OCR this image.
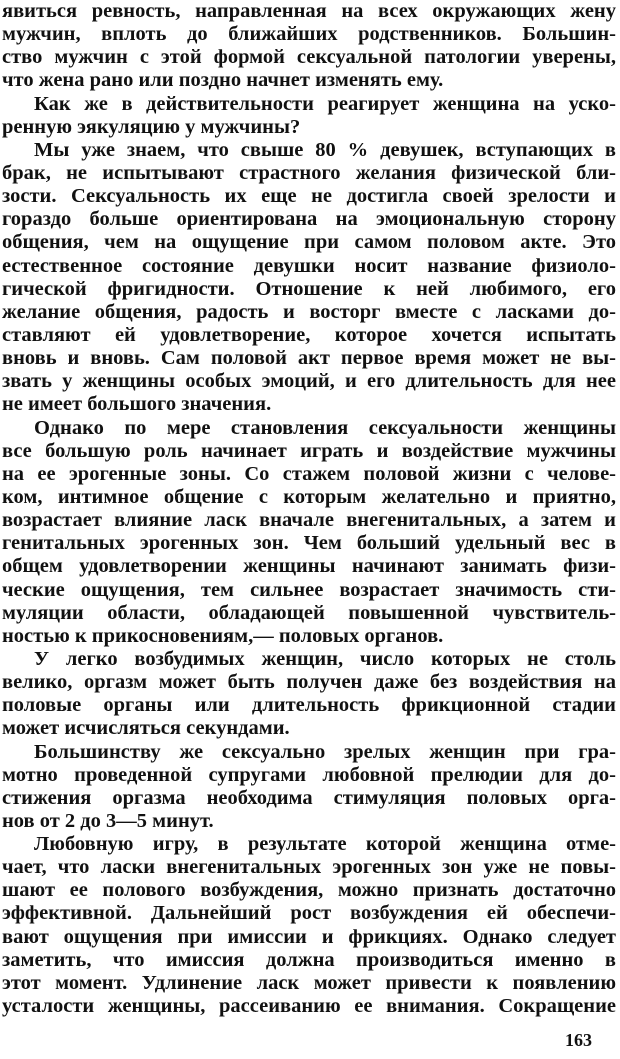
явиться ревность, направленная на всех окружающих жену
мужчин, вплоть до ближайших родственников. Большин-
ство мужчин с этой формой сексуальной патологии уверены,
что жена рано или поздно начнет изменять ему.
Как же в действительности реагирует женщина на уско-
ренную эякуляцию у мужчины?
Мы уже знаем, что свыше 80 % девушек, вступающих в
брак, не испытывают страстного желания физической бли-
зости. Сексуальность их еще не достигла своей зрелости и
гораздо больше ориентирована на эмоциональную сторону
общения, чем на ощущение при самом половом акте. Это
естественное состояние девушки носит название физиоло-
гической фригидности. Отношение к ней любимого, его
желание общения, радость и восторг вместе с ласками до-
ставляют ей удовлетворение, которое хочется испытать
вновь и вновь. Сам половой акт первое время может не вы-
звать у женщины особых эмоций, и его длительность для нее
не имеет большого значения.
Однако по мере становления сексуальности женщины
все большую роль начинает играть и воздействие мужчины
на ее эрогенные зоны. Со стажем половой жизни с челове-
ком, интимное общение с которым желательно и приятно,
возрастает влияние ласк вначале внегенитальных, а затем и
генитальных эрогенных зон. Чем больший удельный вес в
общем удовлетворении женщины начинают занимать физи-
ческие ощущения, тем сильнее возрастает значимость сти-
муляции области, обладающей повышенной чувствитель-
ностью к прикосновениям,— половых органов.
У легко возбудимых женщин, число которых не столь
велико, оргазм может быть получен даже без воздействия на
половые органы или длительность фрикционной стадии
может исчисляться секундами.
Большинству же сексуально зрелых женщин при гра-
мотно проведенной супругами любовной прелюдии для до-
стижения оргазма необходима стимуляция половых орга-
нов от 2 до 3—5 минут.
Любовную игру, в результате которой женщина отме-
чает, что ласки внегенитальных эрогенных зон уже не повы-
шают ее полового возбуждения, можно признать достаточно
эффективной. Дальнейший рост возбуждения ей обеспечи-
вают ощущения при имиссии и фрикциях. Однако следует
заметить, что имиссия должна производиться именно в
этот момент. Удлинение ласк может привести к появлению
усталости женщины, рассеиванию ее внимания. Сокращение
163
